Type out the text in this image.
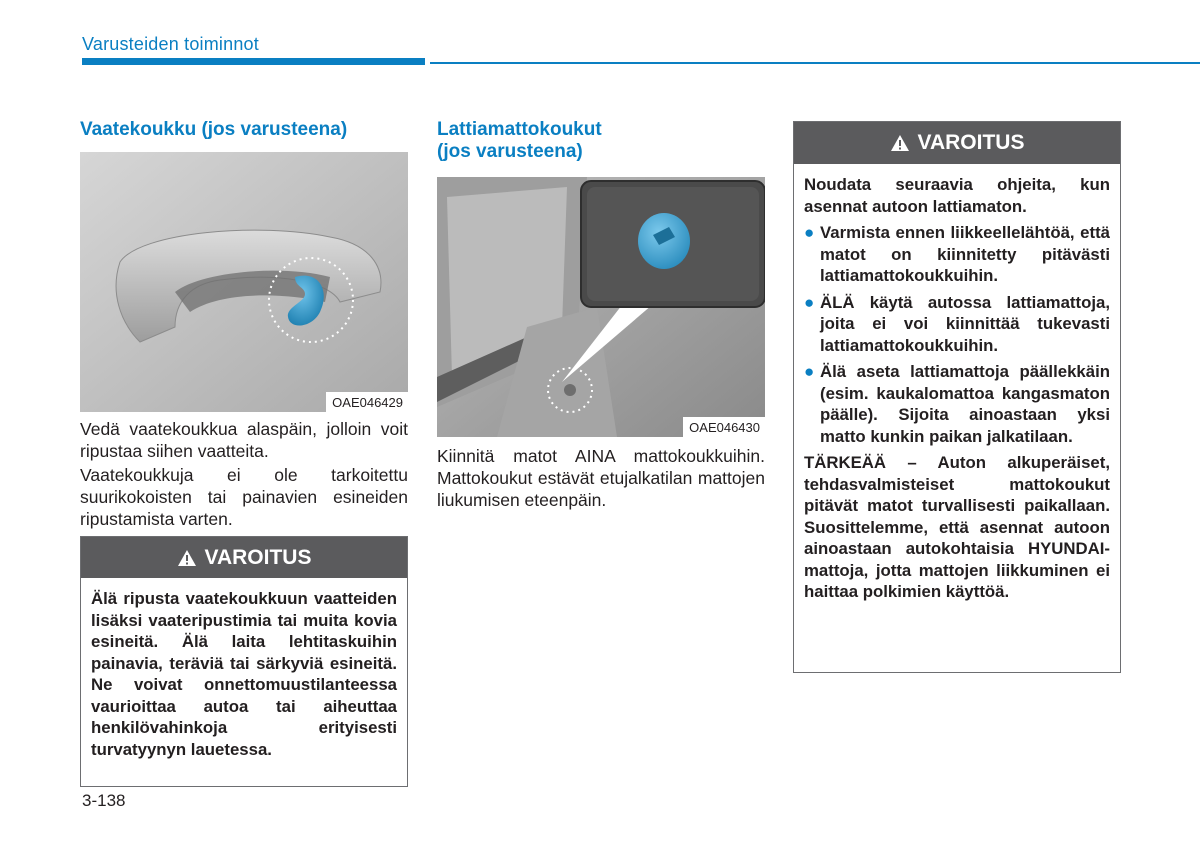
Varusteiden toiminnot
Vaatekoukku (jos varusteena)
OAE046429
Vedä vaatekoukkua alaspäin, jolloin voit ripustaa siihen vaatteita.
Vaatekoukkuja ei ole tarkoitettu suurikokoisten tai painavien esineiden ripustamista varten.
VAROITUS
Älä ripusta vaatekoukkuun vaatteiden lisäksi vaateripustimia tai muita kovia esineitä. Älä laita lehtitaskuihin painavia, teräviä tai särkyviä esineitä. Ne voivat onnettomuustilanteessa vaurioittaa autoa tai aiheuttaa henkilövahinkoja erityisesti turvatyynyn lauetessa.
Lattiamattokoukut
(jos varusteena)
OAE046430
Kiinnitä matot AINA mattokoukkuihin. Mattokoukut estävät etujalkatilan mattojen liukumisen eteenpäin.
VAROITUS
Noudata seuraavia ohjeita, kun asennat autoon lattiamaton.
● Varmista ennen liikkeellelähtöä, että matot on kiinnitetty pitävästi lattiamattokoukkuihin.
● ÄLÄ käytä autossa lattiamattoja, joita ei voi kiinnittää tukevasti lattiamattokoukkuihin.
● Älä aseta lattiamattoja päällekkäin (esim. kaukalomattoa kangasmaton päälle). Sijoita ainoastaan yksi matto kunkin paikan jalkatilaan.
TÄRKEÄÄ – Auton alkuperäiset, tehdasvalmisteiset mattokoukut pitävät matot turvallisesti paikallaan. Suosittelemme, että asennat autoon ainoastaan autokohtaisia HYUNDAI-mattoja, jotta mattojen liikkuminen ei haittaa polkimien käyttöä.
3-138
